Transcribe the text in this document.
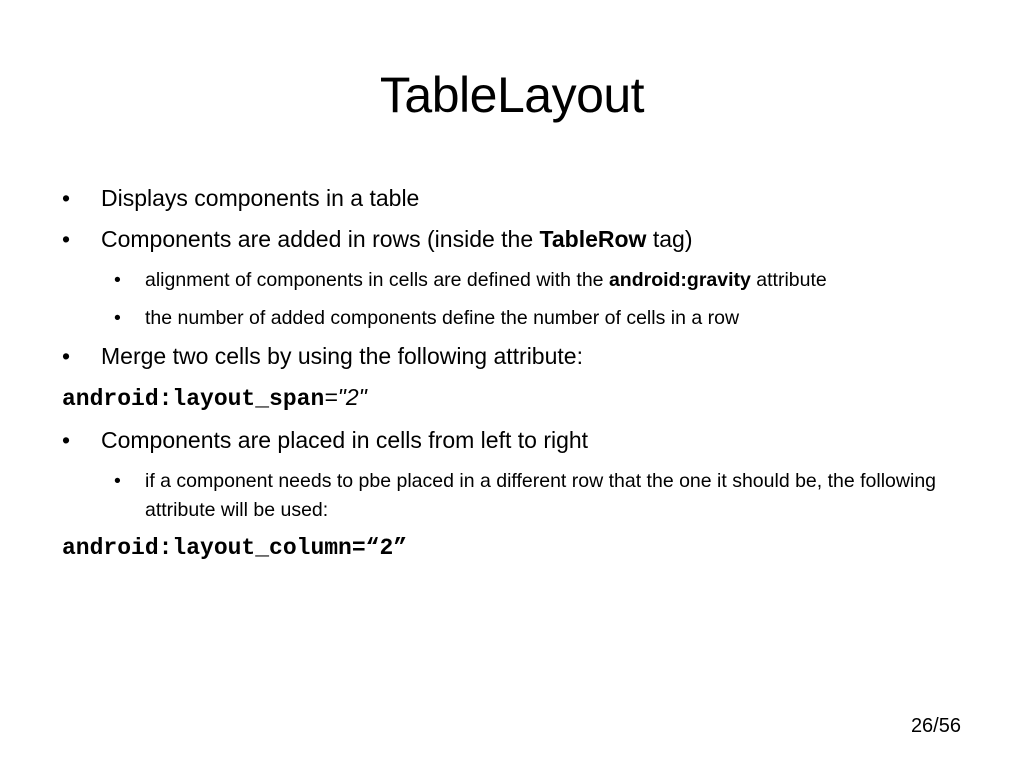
TableLayout
•	Displays components in a table
•	Components are added in rows (inside the TableRow tag)
•	alignment of components in cells are defined with the android:gravity attribute
•	the number of added components define the number of cells in a row
•	Merge two cells by using the following attribute:
android:layout_span="2"
•	Components are placed in cells from left to right
•	if a component needs to pbe placed in a different row that the one it should be, the following attribute will be used:
android:layout_column=“2”
26/56
